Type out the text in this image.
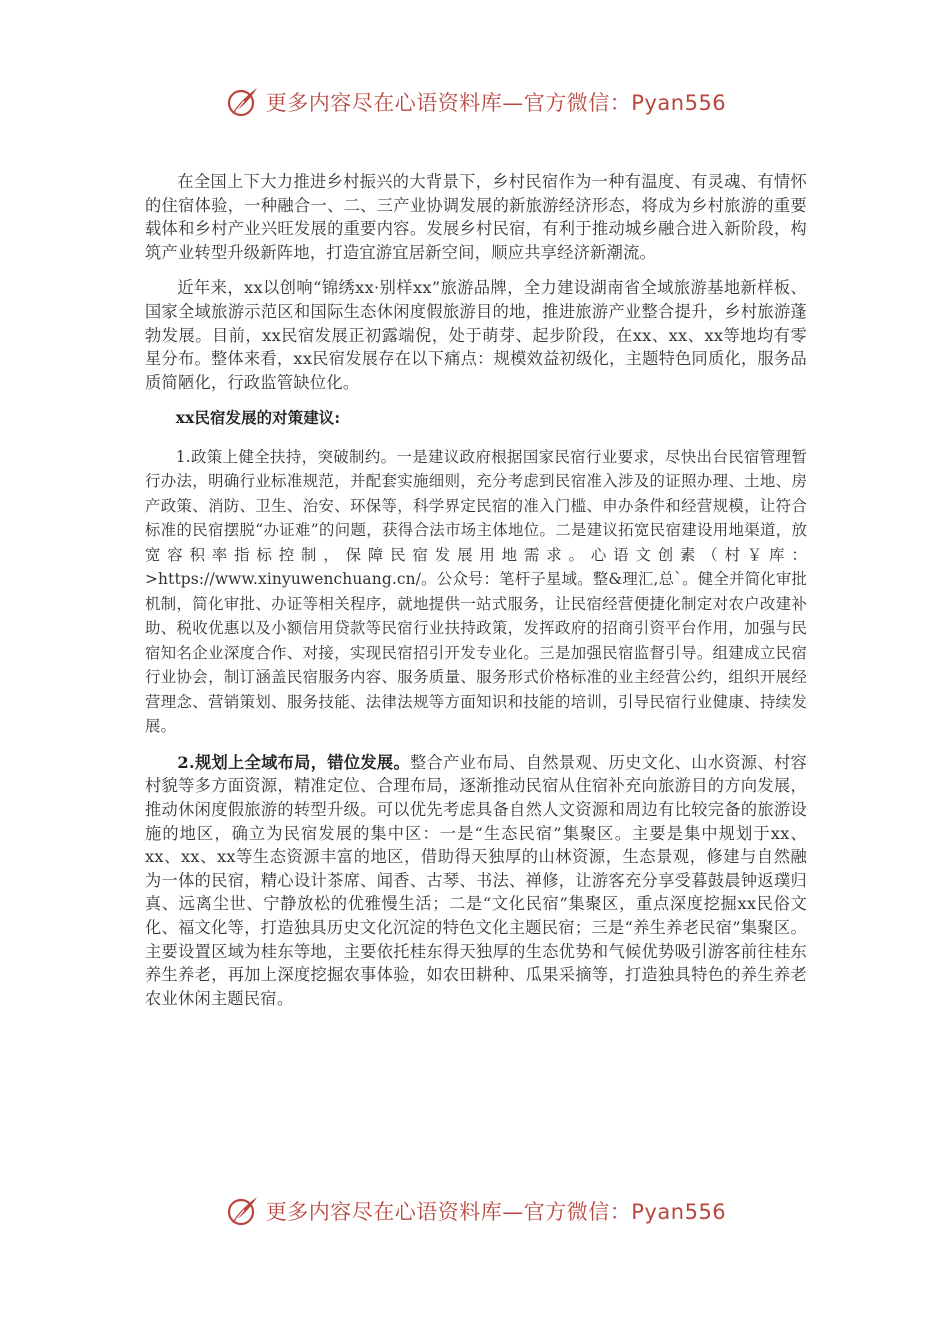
更多内容尽在心语资料库—官方微信：Pyan556

在全国上下大力推进乡村振兴的大背景下，乡村民宿作为一种有温度、有灵魂、有情怀的住宿体验，一种融合一、二、三产业协调发展的新旅游经济形态，将成为乡村旅游的重要载体和乡村产业兴旺发展的重要内容。发展乡村民宿，有利于推动城乡融合进入新阶段，构筑产业转型升级新阵地，打造宜游宜居新空间，顺应共享经济新潮流。

近年来，xx以创响“锦绣xx·别样xx”旅游品牌，全力建设湖南省全域旅游基地新样板、国家全域旅游示范区和国际生态休闲度假旅游目的地，推进旅游产业整合提升，乡村旅游蓬勃发展。目前，xx民宿发展正初露端倪，处于萌芽、起步阶段，在xx、xx、xx等地均有零星分布。整体来看，xx民宿发展存在以下痛点：规模效益初级化，主题特色同质化，服务品质简陋化，行政监管缺位化。

xx民宿发展的对策建议:

1.政策上健全扶持，突破制约。一是建议政府根据国家民宿行业要求，尽快出台民宿管理暂行办法，明确行业标准规范，并配套实施细则，充分考虑到民宿准入涉及的证照办理、土地、房产政策、消防、卫生、治安、环保等，科学界定民宿的准入门槛、申办条件和经营规模，让符合标准的民宿摆脱“办证难”的问题，获得合法市场主体地位。二是建议拓宽民宿建设用地渠道，放宽容积率指标控制，保障民宿发展用地需求。心语文创素（村￥库：>https://www.xinyuwenchuang.cn/。公众号：笔杆子星域。整&理汇,总`。健全并简化审批机制，简化审批、办证等相关程序，就地提供一站式服务，让民宿经营便捷化制定对农户改建补助、税收优惠以及小额信用贷款等民宿行业扶持政策，发挥政府的招商引资平台作用，加强与民宿知名企业深度合作、对接，实现民宿招引开发专业化。三是加强民宿监督引导。组建成立民宿行业协会，制订涵盖民宿服务内容、服务质量、服务形式价格标准的业主经营公约，组织开展经营理念、营销策划、服务技能、法律法规等方面知识和技能的培训，引导民宿行业健康、持续发展。

2.规划上全域布局，错位发展。整合产业布局、自然景观、历史文化、山水资源、村容村貌等多方面资源，精准定位、合理布局，逐渐推动民宿从住宿补充向旅游目的方向发展，推动休闲度假旅游的转型升级。可以优先考虑具备自然人文资源和周边有比较完备的旅游设施的地区，确立为民宿发展的集中区：一是“生态民宿”集聚区。主要是集中规划于xx、xx、xx、xx等生态资源丰富的地区，借助得天独厚的山林资源，生态景观，修建与自然融为一体的民宿，精心设计茶席、闻香、古琴、书法、禅修，让游客充分享受暮鼓晨钟返璞归真、远离尘世、宁静放松的优雅慢生活；二是“文化民宿”集聚区，重点深度挖掘xx民俗文化、福文化等，打造独具历史文化沉淀的特色文化主题民宿；三是“养生养老民宿”集聚区。主要设置区域为桂东等地，主要依托桂东得天独厚的生态优势和气候优势吸引游客前往桂东养生养老，再加上深度挖掘农事体验，如农田耕种、瓜果采摘等，打造独具特色的养生养老农业休闲主题民宿。

更多内容尽在心语资料库—官方微信：Pyan556
